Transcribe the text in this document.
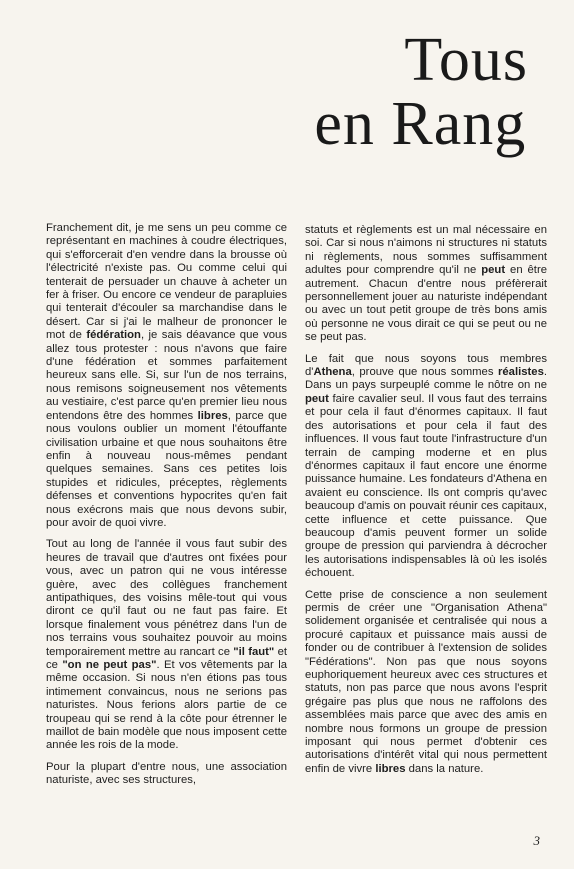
Tous
en Rang

Franchement dit, je me sens un peu comme ce représentant en machines à coudre électriques, qui s'efforcerait d'en vendre dans la brousse où l'électricité n'existe pas. Ou comme celui qui tenterait de persuader un chauve à acheter un fer à friser. Ou encore ce vendeur de parapluies qui tenterait d'écouler sa marchandise dans le désert. Car si j'ai le malheur de prononcer le mot de fédération, je sais déavance que vous allez tous protester : nous n'avons que faire d'une fédération et sommes parfaitement heureux sans elle. Si, sur l'un de nos terrains, nous remisons soigneusement nos vêtements au vestiaire, c'est parce qu'en premier lieu nous entendons être des hommes libres, parce que nous voulons oublier un moment l'étouffante civilisation urbaine et que nous souhaitons être enfin à nouveau nous-mêmes pendant quelques semaines. Sans ces petites lois stupides et ridicules, préceptes, règlements défenses et conventions hypocrites qu'en fait nous exécrons mais que nous devons subir, pour avoir de quoi vivre.

Tout au long de l'année il vous faut subir des heures de travail que d'autres ont fixées pour vous, avec un patron qui ne vous intéresse guère, avec des collègues franchement antipathiques, des voisins mêle-tout qui vous diront ce qu'il faut ou ne faut pas faire. Et lorsque finalement vous pénétrez dans l'un de nos terrains vous souhaitez pouvoir au moins temporairement mettre au rancart ce "il faut" et ce "on ne peut pas". Et vos vêtements par la même occasion. Si nous n'en étions pas tous intimement convaincus, nous ne serions pas naturistes. Nous ferions alors partie de ce troupeau qui se rend à la côte pour étrenner le maillot de bain modèle que nous imposent cette année les rois de la mode.

Pour la plupart d'entre nous, une association naturiste, avec ses structures,

statuts et règlements est un mal nécessaire en soi. Car si nous n'aimons ni structures ni statuts ni règlements, nous sommes suffisamment adultes pour comprendre qu'il ne peut en être autrement. Chacun d'entre nous préfèrerait personnellement jouer au naturiste indépendant ou avec un tout petit groupe de très bons amis où personne ne vous dirait ce qui se peut ou ne se peut pas.

Le fait que nous soyons tous membres d'Athena, prouve que nous sommes réalistes. Dans un pays surpeuplé comme le nôtre on ne peut faire cavalier seul. Il vous faut des terrains et pour cela il faut d'énormes capitaux. Il faut des autorisations et pour cela il faut des influences. Il vous faut toute l'infrastructure d'un terrain de camping moderne et en plus d'énormes capitaux il faut encore une énorme puissance humaine. Les fondateurs d'Athena en avaient eu conscience. Ils ont compris qu'avec beaucoup d'amis on pouvait réunir ces capitaux, cette influence et cette puissance. Que beaucoup d'amis peuvent former un solide groupe de pression qui parviendra à décrocher les autorisations indispensables là où les isolés échouent.

Cette prise de conscience a non seulement permis de créer une "Organisation Athena" solidement organisée et centralisée qui nous a procuré capitaux et puissance mais aussi de fonder ou de contribuer à l'extension de solides "Fédérations". Non pas que nous soyons euphoriquement heureux avec ces structures et statuts, non pas parce que nous avons l'esprit grégaire pas plus que nous ne raffolons des assemblées mais parce que avec des amis en nombre nous formons un groupe de pression imposant qui nous permet d'obtenir ces autorisations d'intérêt vital qui nous permettent enfin de vivre libres dans la nature.

3
